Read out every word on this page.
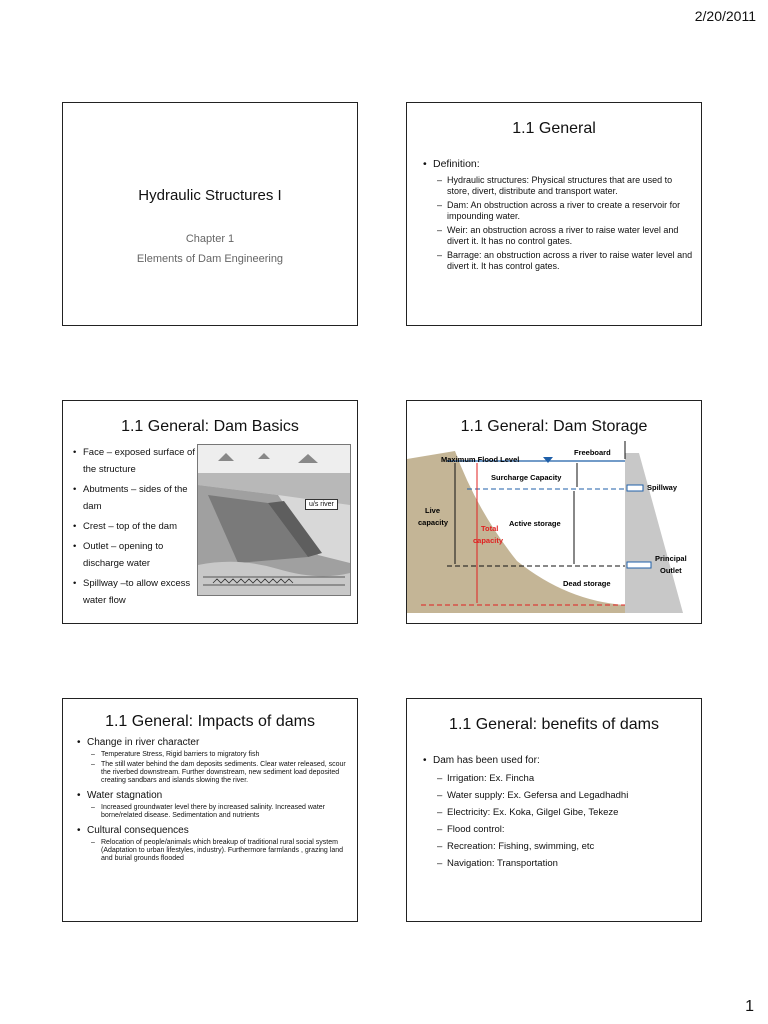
2/20/2011
Hydraulic Structures I
Chapter 1
Elements of Dam Engineering
1.1 General
• Definition:
– Hydraulic structures: Physical structures that are used to store, divert, distribute and transport water.
– Dam: An obstruction across a river to create a reservoir for impounding water.
– Weir: an obstruction across a river to raise water level and divert it. It has no control gates.
– Barrage: an obstruction across a river to raise water level and divert it. It has control gates.
1.1 General: Dam Basics
• Face – exposed surface of the structure
• Abutments – sides of the dam
• Crest – top of the dam
• Outlet – opening to discharge water
• Spillway –to allow excess water flow
u/s river
1.1 General: Dam Storage
Maximum Flood Level
Freeboard
Surcharge Capacity
Spillway
Live
capacity
Total
capacity
Active storage
Principal
Outlet
Dead storage
1.1 General: Impacts of dams
• Change in river character
– Temperature Stress, Rigid barriers to migratory fish
– The still water behind the dam deposits sediments. Clear water released, scour the riverbed downstream. Further downstream, new sediment load deposited creating sandbars and islands slowing the river.
• Water stagnation
– Increased groundwater level there by increased salinity. Increased water borne/related disease. Sedimentation and nutrients
• Cultural consequences
– Relocation of people/animals which breakup of traditional rural social system (Adaptation to urban lifestyles, industry). Furthermore farmlands , grazing land and burial grounds flooded
1.1 General: benefits of dams
• Dam has been used for:
– Irrigation: Ex. Fincha
– Water supply: Ex. Gefersa and Legadhadhi
– Electricity: Ex. Koka, Gilgel Gibe, Tekeze
– Flood control:
– Recreation: Fishing, swimming, etc
– Navigation: Transportation
1
